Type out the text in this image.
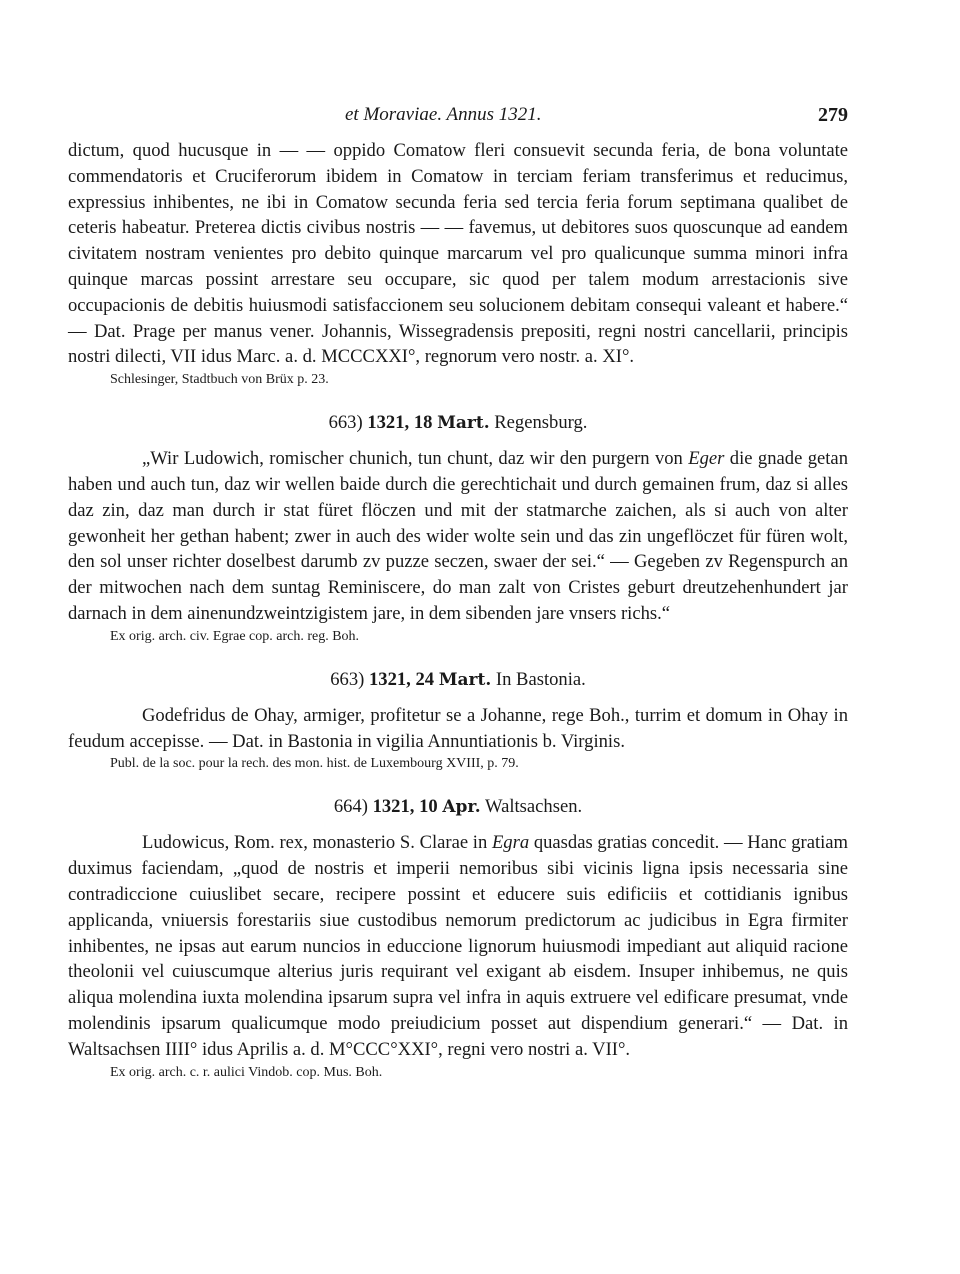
et Moraviae. Annus 1321.	279

dictum, quod hucusque in — — oppido Comatow fleri consuevit secunda feria, de bona voluntate commendatoris et Cruciferorum ibidem in Comatow in terciam feriam transferimus et reducimus, expressius inhibentes, ne ibi in Comatow secunda feria sed tercia feria forum septimana qualibet de ceteris habeatur. Preterea dictis civibus nostris — — favemus, ut debitores suos quoscunque ad eandem civitatem nostram venientes pro debito quinque marcarum vel pro qualicunque summa minori infra quinque marcas possint arrestare seu occupare, sic quod per talem modum arrestacionis sive occupacionis de debitis huiusmodi satisfaccionem seu solucionem debitam consequi valeant et habere.“ — Dat. Prage per manus vener. Johannis, Wissegradensis prepositi, regni nostri cancellarii, principis nostri dilecti, VII idus Marc. a. d. MCCCXXI°, regnorum vero nostr. a. XI°.

Schlesinger, Stadtbuch von Brüx p. 23.

663) 1321, 18 Mart. Regensburg.

„Wir Ludowich, romischer chunich, tun chunt, daz wir den purgern von Eger die gnade getan haben und auch tun, daz wir wellen baide durch die gerechtichait und durch gemainen frum, daz si alles daz zin, daz man durch ir stat füret flöczen und mit der statmarche zaichen, als si auch von alter gewonheit her gethan habent; zwer in auch des wider wolte sein und das zin ungeflöczet für füren wolt, den sol unser richter doselbest darumb zv puzze seczen, swaer der sei.“ — Gegeben zv Regenspurch an der mitwochen nach dem suntag Reminiscere, do man zalt von Cristes geburt dreutzehenhundert jar darnach in dem ainenundzweintzigistem jare, in dem sibenden jare vnsers richs.“

Ex orig. arch. civ. Egrae cop. arch. reg. Boh.

663) 1321, 24 Mart. In Bastonia.

Godefridus de Ohay, armiger, profitetur se a Johanne, rege Boh., turrim et domum in Ohay in feudum accepisse. — Dat. in Bastonia in vigilia Annuntiationis b. Virginis.

Publ. de la soc. pour la rech. des mon. hist. de Luxembourg XVIII, p. 79.

664) 1321, 10 Apr. Waltsachsen.

Ludowicus, Rom. rex, monasterio S. Clarae in Egra quasdas gratias concedit. — Hanc gratiam duximus faciendam, „quod de nostris et imperii nemoribus sibi vicinis ligna ipsis necessaria sine contradiccione cuiuslibet secare, recipere possint et educere suis edificiis et cottidianis ignibus applicanda, vniuersis forestariis siue custodibus nemorum predictorum ac judicibus in Egra firmiter inhibentes, ne ipsas aut earum nuncios in educcione lignorum huiusmodi impediant aut aliquid racione theolonii vel cuiuscumque alterius juris requirant vel exigant ab eisdem. Insuper inhibemus, ne quis aliqua molendina iuxta molendina ipsarum supra vel infra in aquis extruere vel edificare presumat, vnde molendinis ipsarum qualicumque modo preiudicium posset aut dispendium generari.“ — Dat. in Waltsachsen IIII° idus Aprilis a. d. M°CCC°XXI°, regni vero nostri a. VII°.

Ex orig. arch. c. r. aulici Vindob. cop. Mus. Boh.
